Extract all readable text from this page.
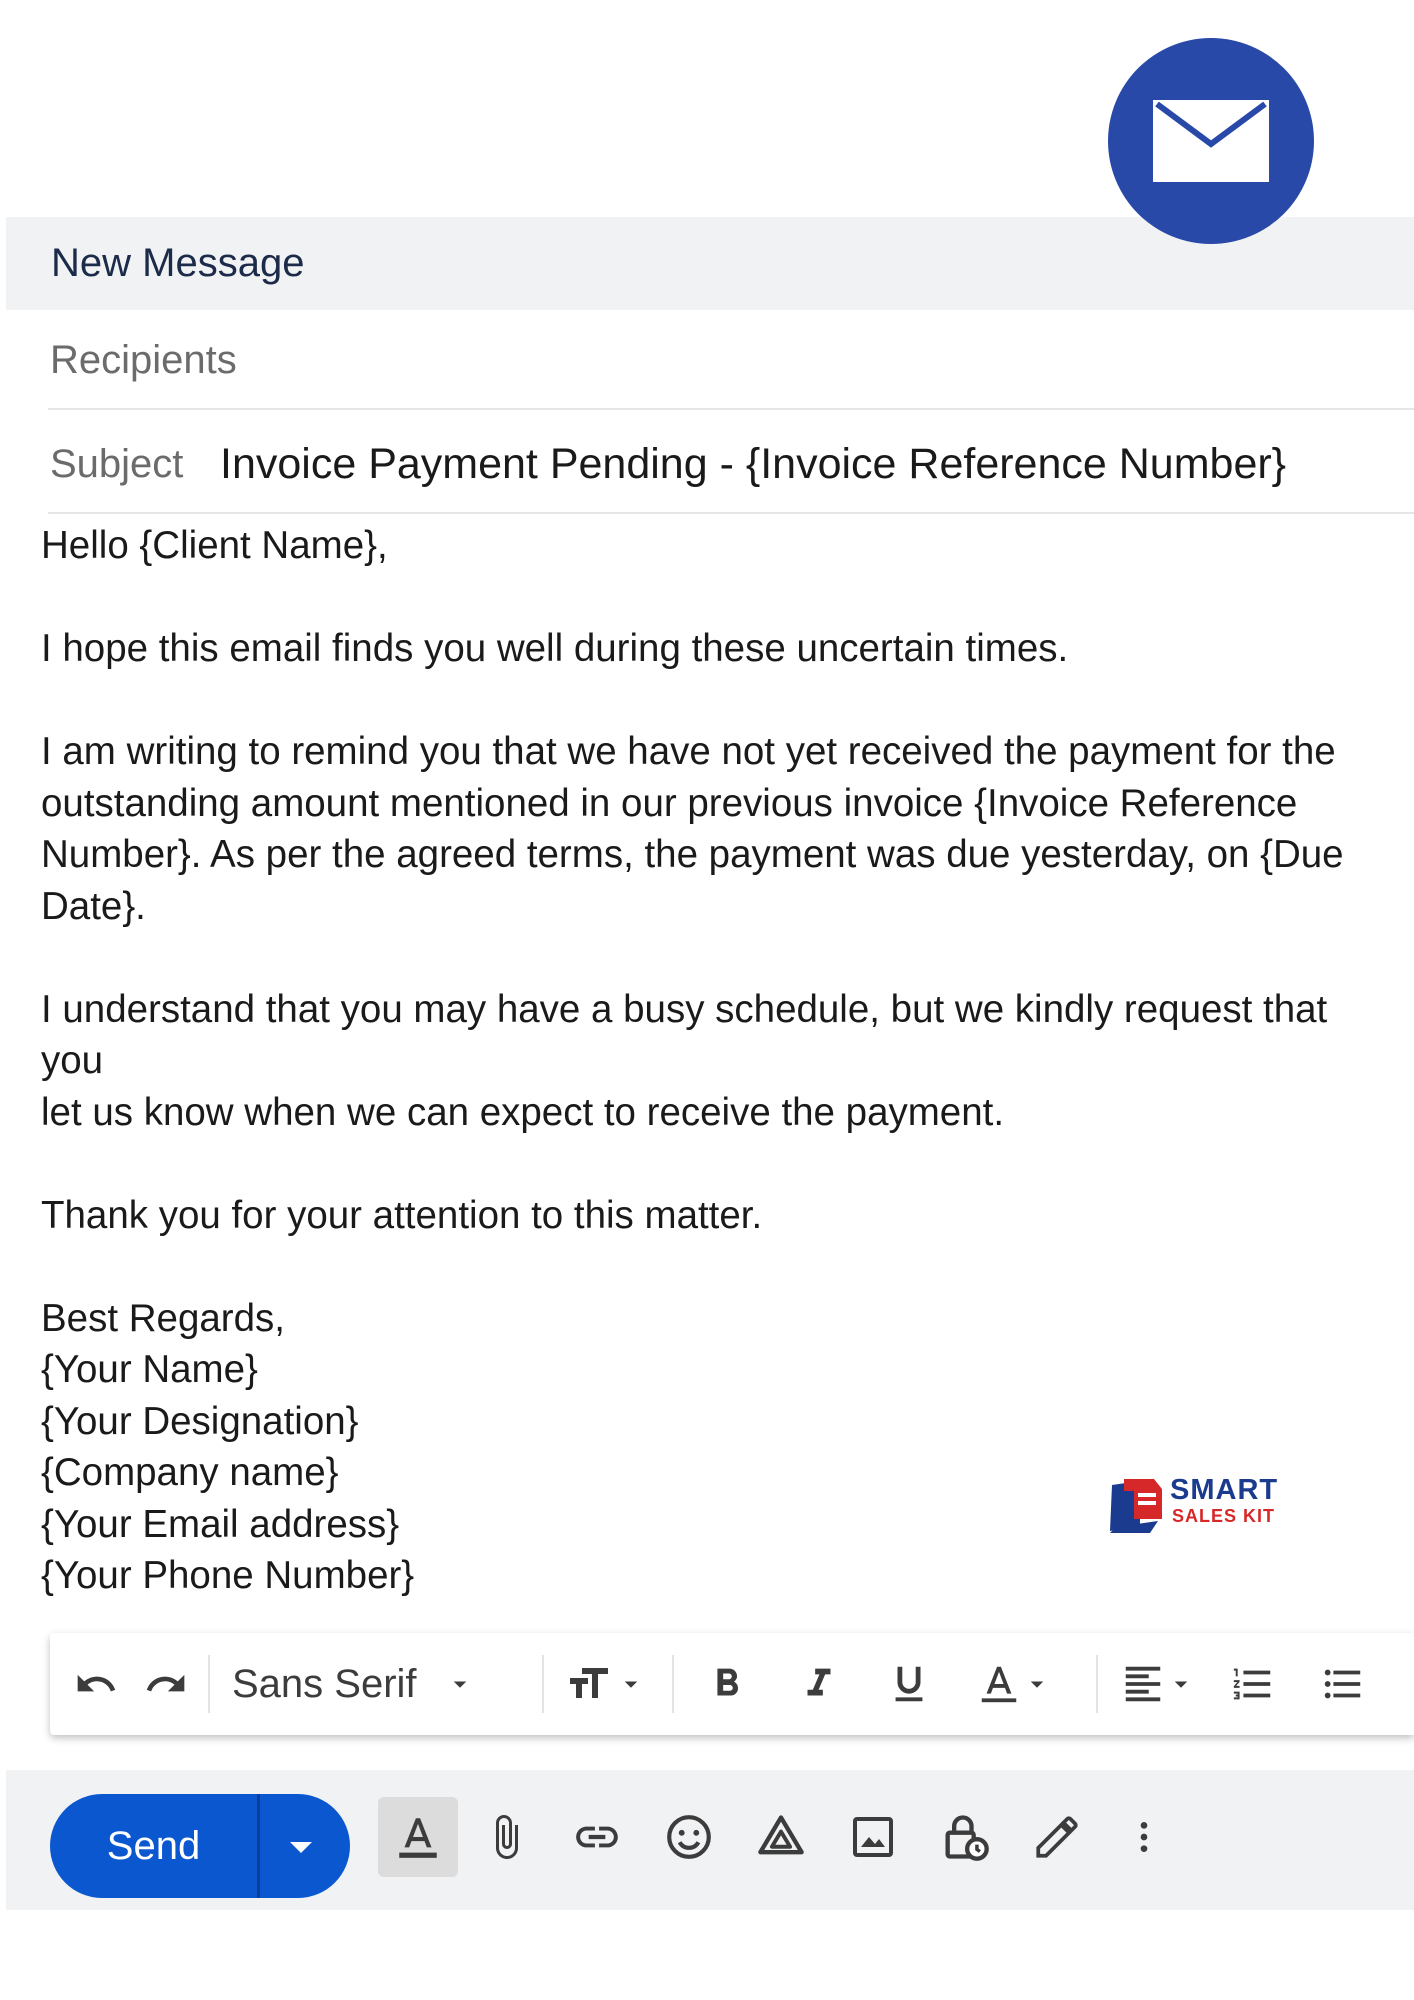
New Message
Recipients
Subject Invoice Payment Pending - {Invoice Reference Number}

Hello {Client Name},

I hope this email finds you well during these uncertain times.

I am writing to remind you that we have not yet received the payment for the

outstanding amount mentioned in our previous invoice {Invoice Reference

Number}. As per the agreed terms, the payment was due yesterday, on {Due

Date}.

I understand that you may have a busy schedule, but we kindly request that you

let us know when we can expect to receive the payment.

Thank you for your attention to this matter.

Best Regards,

{Your Name}

{Your Designation}

{Company name}

{Your Email address}

{Your Phone Number}

SMART
SALES KIT
Sans Serif
Send
